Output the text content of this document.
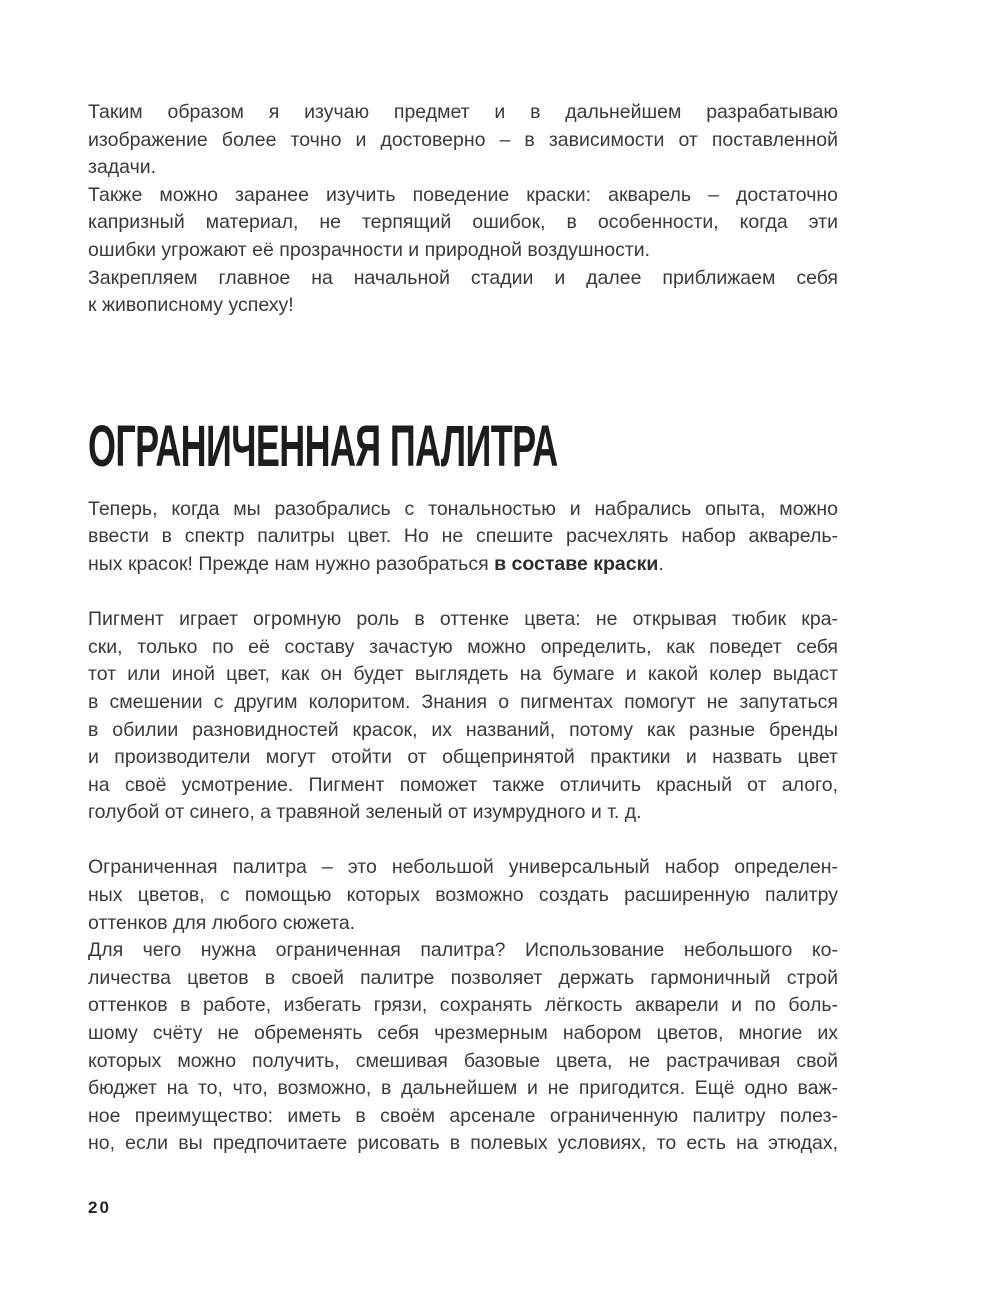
Таким образом я изучаю предмет и в дальнейшем разрабатываю
изображение более точно и достоверно – в зависимости от поставленной
задачи.
Также можно заранее изучить поведение краски: акварель – достаточно
капризный материал, не терпящий ошибок, в особенности, когда эти
ошибки угрожают её прозрачности и природной воздушности.
Закрепляем главное на начальной стадии и далее приближаем себя
к живописному успеху!
ОГРАНИЧЕННАЯ ПАЛИТРА
Теперь, когда мы разобрались с тональностью и набрались опыта, можно
ввести в спектр палитры цвет. Но не спешите расчехлять набор акварель-
ных красок! Прежде нам нужно разобраться в составе краски.
Пигмент играет огромную роль в оттенке цвета: не открывая тюбик кра-
ски, только по её составу зачастую можно определить, как поведет себя
тот или иной цвет, как он будет выглядеть на бумаге и какой колер выдаст
в смешении с другим колоритом. Знания о пигментах помогут не запутаться
в обилии разновидностей красок, их названий, потому как разные бренды
и производители могут отойти от общепринятой практики и назвать цвет
на своё усмотрение. Пигмент поможет также отличить красный от алого,
голубой от синего, а травяной зеленый от изумрудного и т. д.
Ограниченная палитра – это небольшой универсальный набор определен-
ных цветов, с помощью которых возможно создать расширенную палитру
оттенков для любого сюжета.
Для чего нужна ограниченная палитра? Использование небольшого ко-
личества цветов в своей палитре позволяет держать гармоничный строй
оттенков в работе, избегать грязи, сохранять лёгкость акварели и по боль-
шому счёту не обременять себя чрезмерным набором цветов, многие их
которых можно получить, смешивая базовые цвета, не растрачивая свой
бюджет на то, что, возможно, в дальнейшем и не пригодится. Ещё одно важ-
ное преимущество: иметь в своём арсенале ограниченную палитру полез-
но, если вы предпочитаете рисовать в полевых условиях, то есть на этюдах,
20
